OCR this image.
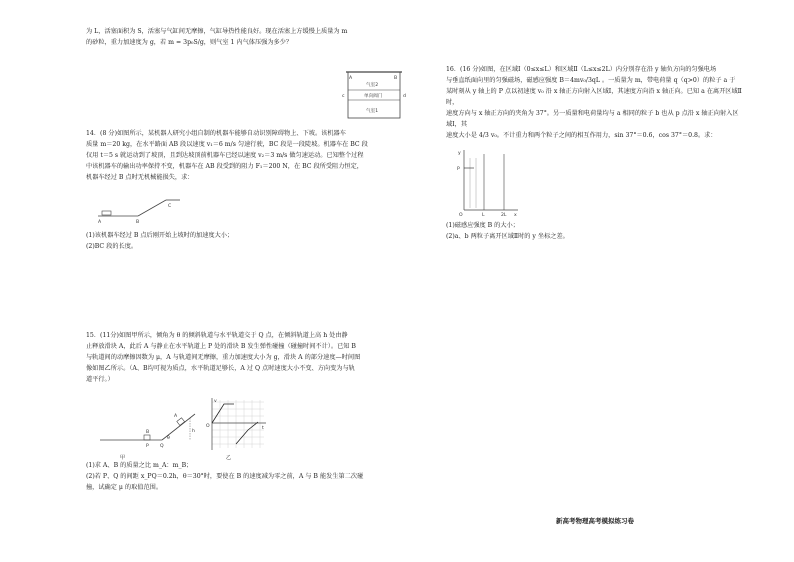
为 L，活塞面积为 S，活塞与气缸间无摩擦，气缸导热性能良好。现在活塞上方缓慢上质量为 m

的砂粒，重力加速度为 g，若 m = 3p₀S/g，则气室 1 内气体压强为多少？

A	B
c	d
气室2
单向阀门
气室1

14．(8 分)如图所示，某机器人研究小组自制的机器车能够自动识别障碍物上、下坡。该机器车

质量 m＝20 kg，在水平路面 AB 段以速度 v₁＝6 m/s 匀速行驶，BC 段是一段陡坡。机器车在 BC 段

仅用 t＝5 s 就运动到了坡顶，且到达坡顶前机器车已经以速度 v₂＝3 m/s 做匀速运动。已知整个过程

中该机器车的输出功率保持不变，机器车在 AB 段受到的阻力 F₁＝200 N，在 BC 段所受阻力恒定，

机器车经过 B 点时无机械能损失，求：

A	B
C

(1)该机器车经过 B 点后刚开始上坡时的加速度大小；

(2)BC 段的长度。

15．(11分)如图甲所示，倾角为 θ 的倾斜轨道与水平轨道交于 Q 点，在倾斜轨道上高 h 处由静

止释放滑块 A，此后 A 与静止在水平轨道上 P 处的滑块 B 发生弹性碰撞（碰撞时间不计）。已知 B

与轨道间的动摩擦因数为 μ，A 与轨道间无摩擦，重力加速度大小为 g，滑块 A 的部分速度—时间图

像如图乙所示。（A、B均可视为质点，水平轨道足够长，A 过 Q 点时速度大小不变、方向变为与轨

道平行。）

B
A
P Q
h
θ
甲
v
t
O
乙

(1)求 A、B 的质量之比 m_A：m_B；

(2)若 P、Q 的间距 x_PQ＝0.2h，θ＝30°时，要使在 B 的速度减为零之前，A 与 B 能发生第二次碰

撞，试确定 μ 的取值范围。

16．(16 分)如图，在区域Ⅰ（0≤x≤L）和区域Ⅱ（L≤x≤2L）内分别存在沿 y 轴负方向的匀强电场

与垂直纸面向里的匀强磁场，磁感应强度 B＝4mv₀/3qL 。一质量为 m，带电荷量 q（q>0）的粒子 a 于

某时刻从 y 轴上的 P 点以初速度 v₀ 沿 x 轴正方向射入区域Ⅰ，其速度方向沿 x 轴正向。已知 a 在离开区域Ⅱ时，

速度方向与 x 轴正方向的夹角为 37°。另一质量和电荷量均与 a 相同的粒子 b 也从 p 点沿 x 轴正向射入区域Ⅰ，其

速度大小是 4/3 v₀。不计重力和两个粒子之间的相互作用力，sin 37°＝0.6，cos 37°＝0.8。求：

y
P
O	L	2L x

(1)磁感应强度 B 的大小；

(2)a、b 两粒子离开区域Ⅱ时的 y 坐标之差。

新高考物理高考模拟练习卷
